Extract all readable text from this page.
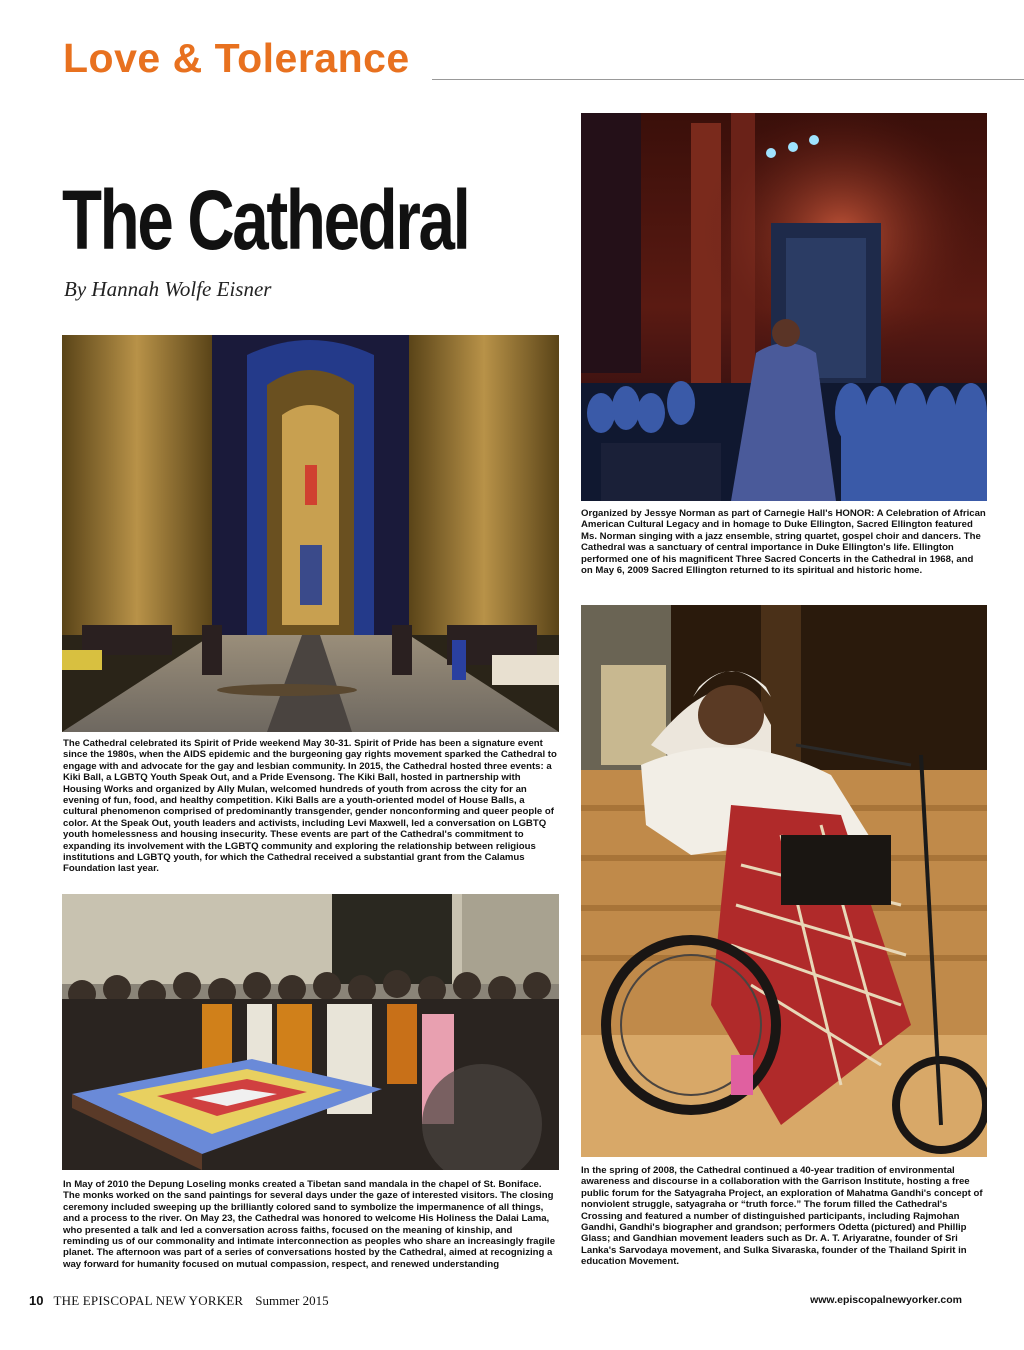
Love & Tolerance
The Cathedral
By Hannah Wolfe Eisner
Organized by Jessye Norman as part of Carnegie Hall's HONOR: A Celebration of African American Cultural Legacy and in homage to Duke Ellington, Sacred Ellington featured Ms. Norman singing with a jazz ensemble, string quartet, gospel choir and dancers. The Cathedral was a sanctuary of central importance in Duke Ellington's life. Ellington performed one of his magnificent Three Sacred Concerts in the Cathedral in 1968, and on May 6, 2009 Sacred Ellington returned to its spiritual and historic home.
The Cathedral celebrated its Spirit of Pride weekend May 30-31. Spirit of Pride has been a signature event since the 1980s, when the AIDS epidemic and the burgeoning gay rights movement sparked the Cathedral to engage with and advocate for the gay and lesbian community. In 2015, the Cathedral hosted three events: a Kiki Ball, a LGBTQ Youth Speak Out, and a Pride Evensong. The Kiki Ball, hosted in partnership with Housing Works and organized by Ally Mulan, welcomed hundreds of youth from across the city for an evening of fun, food, and healthy competition. Kiki Balls are a youth-oriented model of House Balls, a cultural phenomenon comprised of predominantly transgender, gender nonconforming and queer people of color. At the Speak Out, youth leaders and activists, including Levi Maxwell, led a conversation on LGBTQ youth homelessness and housing insecurity. These events are part of the Cathedral's commitment to expanding its involvement with the LGBTQ community and exploring the relationship between religious institutions and LGBTQ youth, for which the Cathedral received a substantial grant from the Calamus Foundation last year.
In May of 2010 the Depung Loseling monks created a Tibetan sand mandala in the chapel of St. Boniface. The monks worked on the sand paintings for several days under the gaze of interested visitors. The closing ceremony included sweeping up the brilliantly colored sand to symbolize the impermanence of all things, and a process to the river. On May 23, the Cathedral was honored to welcome His Holiness the Dalai Lama, who presented a talk and led a conversation across faiths, focused on the meaning of kinship, and reminding us of our commonality and intimate interconnection as peoples who share an increasingly fragile planet. The afternoon was part of a series of conversations hosted by the Cathedral, aimed at recognizing a way forward for humanity focused on mutual compassion, respect, and renewed understanding
In the spring of 2008, the Cathedral continued a 40-year tradition of environmental awareness and discourse in a collaboration with the Garrison Institute, hosting a free public forum for the Satyagraha Project, an exploration of Mahatma Gandhi's concept of nonviolent struggle, satyagraha or “truth force.” The forum filled the Cathedral's Crossing and featured a number of distinguished participants, including Rajmohan Gandhi, Gandhi's biographer and grandson; performers Odetta (pictured) and Phillip Glass; and Gandhian movement leaders such as Dr. A. T. Ariyaratne, founder of Sri Lanka's Sarvodaya movement, and Sulka Sivaraska, founder of the Thailand Spirit in education Movement.
10 THE EPISCOPAL NEW YORKER Summer 2015	www.episcopalnewyorker.com
